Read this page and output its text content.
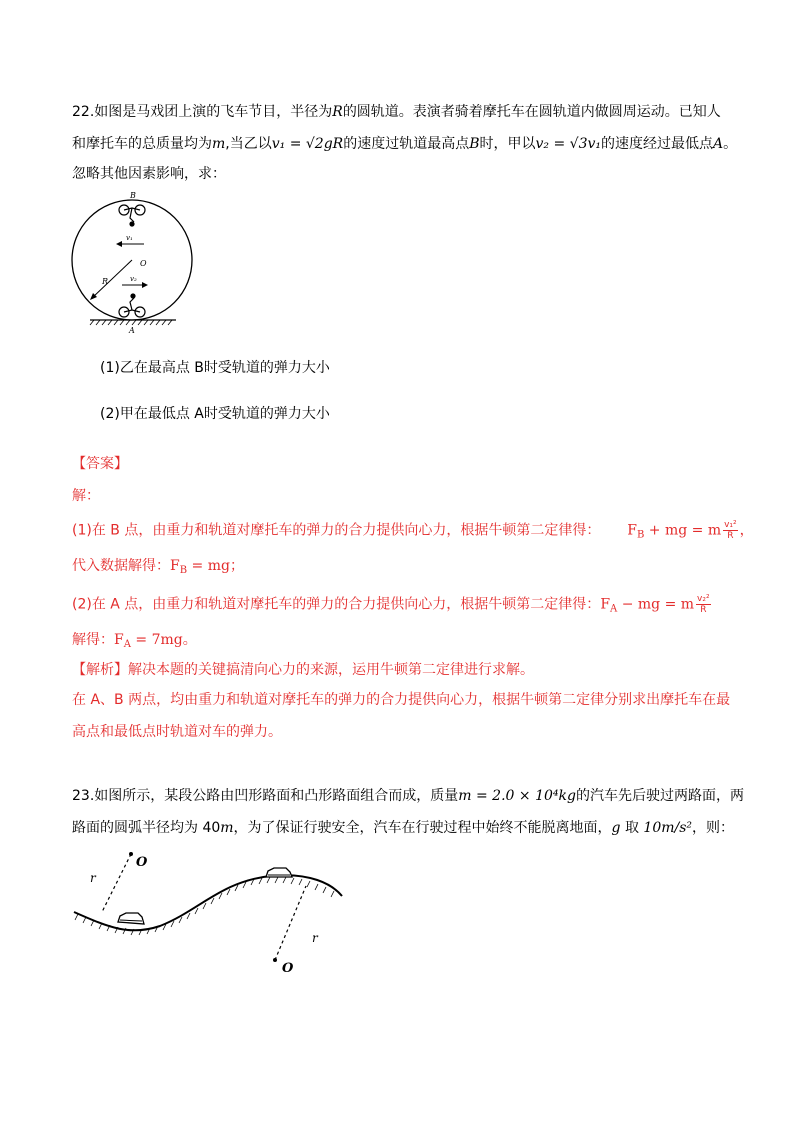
22.如图是马戏团上演的飞车节目，半径为R的圆轨道。表演者骑着摩托车在圆轨道内做圆周运动。已知人
和摩托车的总质量均为m,当乙以v₁ = √2gR的速度过轨道最高点B时，甲以v₂ = √3v₁的速度经过最低点A。
忽略其他因素影响，求：
B
A
O
R
v₁
v₂
(1)乙在最高点 B时受轨道的弹力大小
(2)甲在最低点 A时受轨道的弹力大小
【答案】
解：
(1)在 B 点，由重力和轨道对摩托车的弹力的合力提供向心力，根据牛顿第二定律得： $F_B$ + mg = m $\frac{\text{v₁²}}{R}$ ，
代入数据解得：$F_B$ = mg；
(2)在 A 点，由重力和轨道对摩托车的弹力的合力提供向心力，根据牛顿第二定律得：$F_A$ − mg = m $\frac{\text{v₂²}}{R}$
解得：$F_A = 7mg$。
【解析】解决本题的关键搞清向心力的来源，运用牛顿第二定律进行求解。
在 A、B 两点，均由重力和轨道对摩托车的弹力的合力提供向心力，根据牛顿第二定律分别求出摩托车在最
高点和最低点时轨道对车的弹力。
23.如图所示，某段公路由凹形路面和凸形路面组合而成，质量m = 2.0 × 10⁴kg的汽车先后驶过两路面，两
路面的圆弧半径均为 40m，为了保证行驶安全，汽车在行驶过程中始终不能脱离地面，g 取 10m/s²，则：
O
r
O
r
